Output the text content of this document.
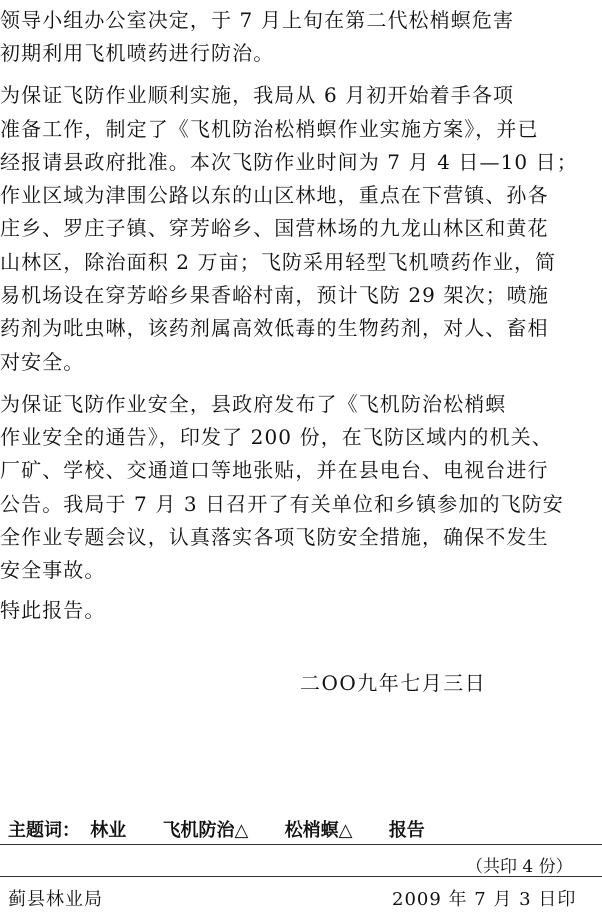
领导小组办公室决定，于 7 月上旬在第二代松梢螟危害
初期利用飞机喷药进行防治。
为保证飞防作业顺利实施，我局从 6 月初开始着手各项
准备工作，制定了《飞机防治松梢螟作业实施方案》，并已
经报请县政府批准。本次飞防作业时间为 7 月 4 日—10 日；
作业区域为津围公路以东的山区林地，重点在下营镇、孙各
庄乡、罗庄子镇、穿芳峪乡、国营林场的九龙山林区和黄花
山林区，除治面积 2 万亩；飞防采用轻型飞机喷药作业，简
易机场设在穿芳峪乡果香峪村南，预计飞防 29 架次；喷施
药剂为吡虫啉，该药剂属高效低毒的生物药剂，对人、畜相
对安全。
为保证飞防作业安全，县政府发布了《飞机防治松梢螟
作业安全的通告》，印发了 200 份，在飞防区域内的机关、
厂矿、学校、交通道口等地张贴，并在县电台、电视台进行
公告。我局于 7 月 3 日召开了有关单位和乡镇参加的飞防安
全作业专题会议，认真落实各项飞防安全措施，确保不发生
安全事故。
特此报告。
二OO九年七月三日
主题词： 林业 飞机防治△ 松梢螟△ 报告
（共印 4 份）
蓟县林业局	2009 年 7 月 3 日印
